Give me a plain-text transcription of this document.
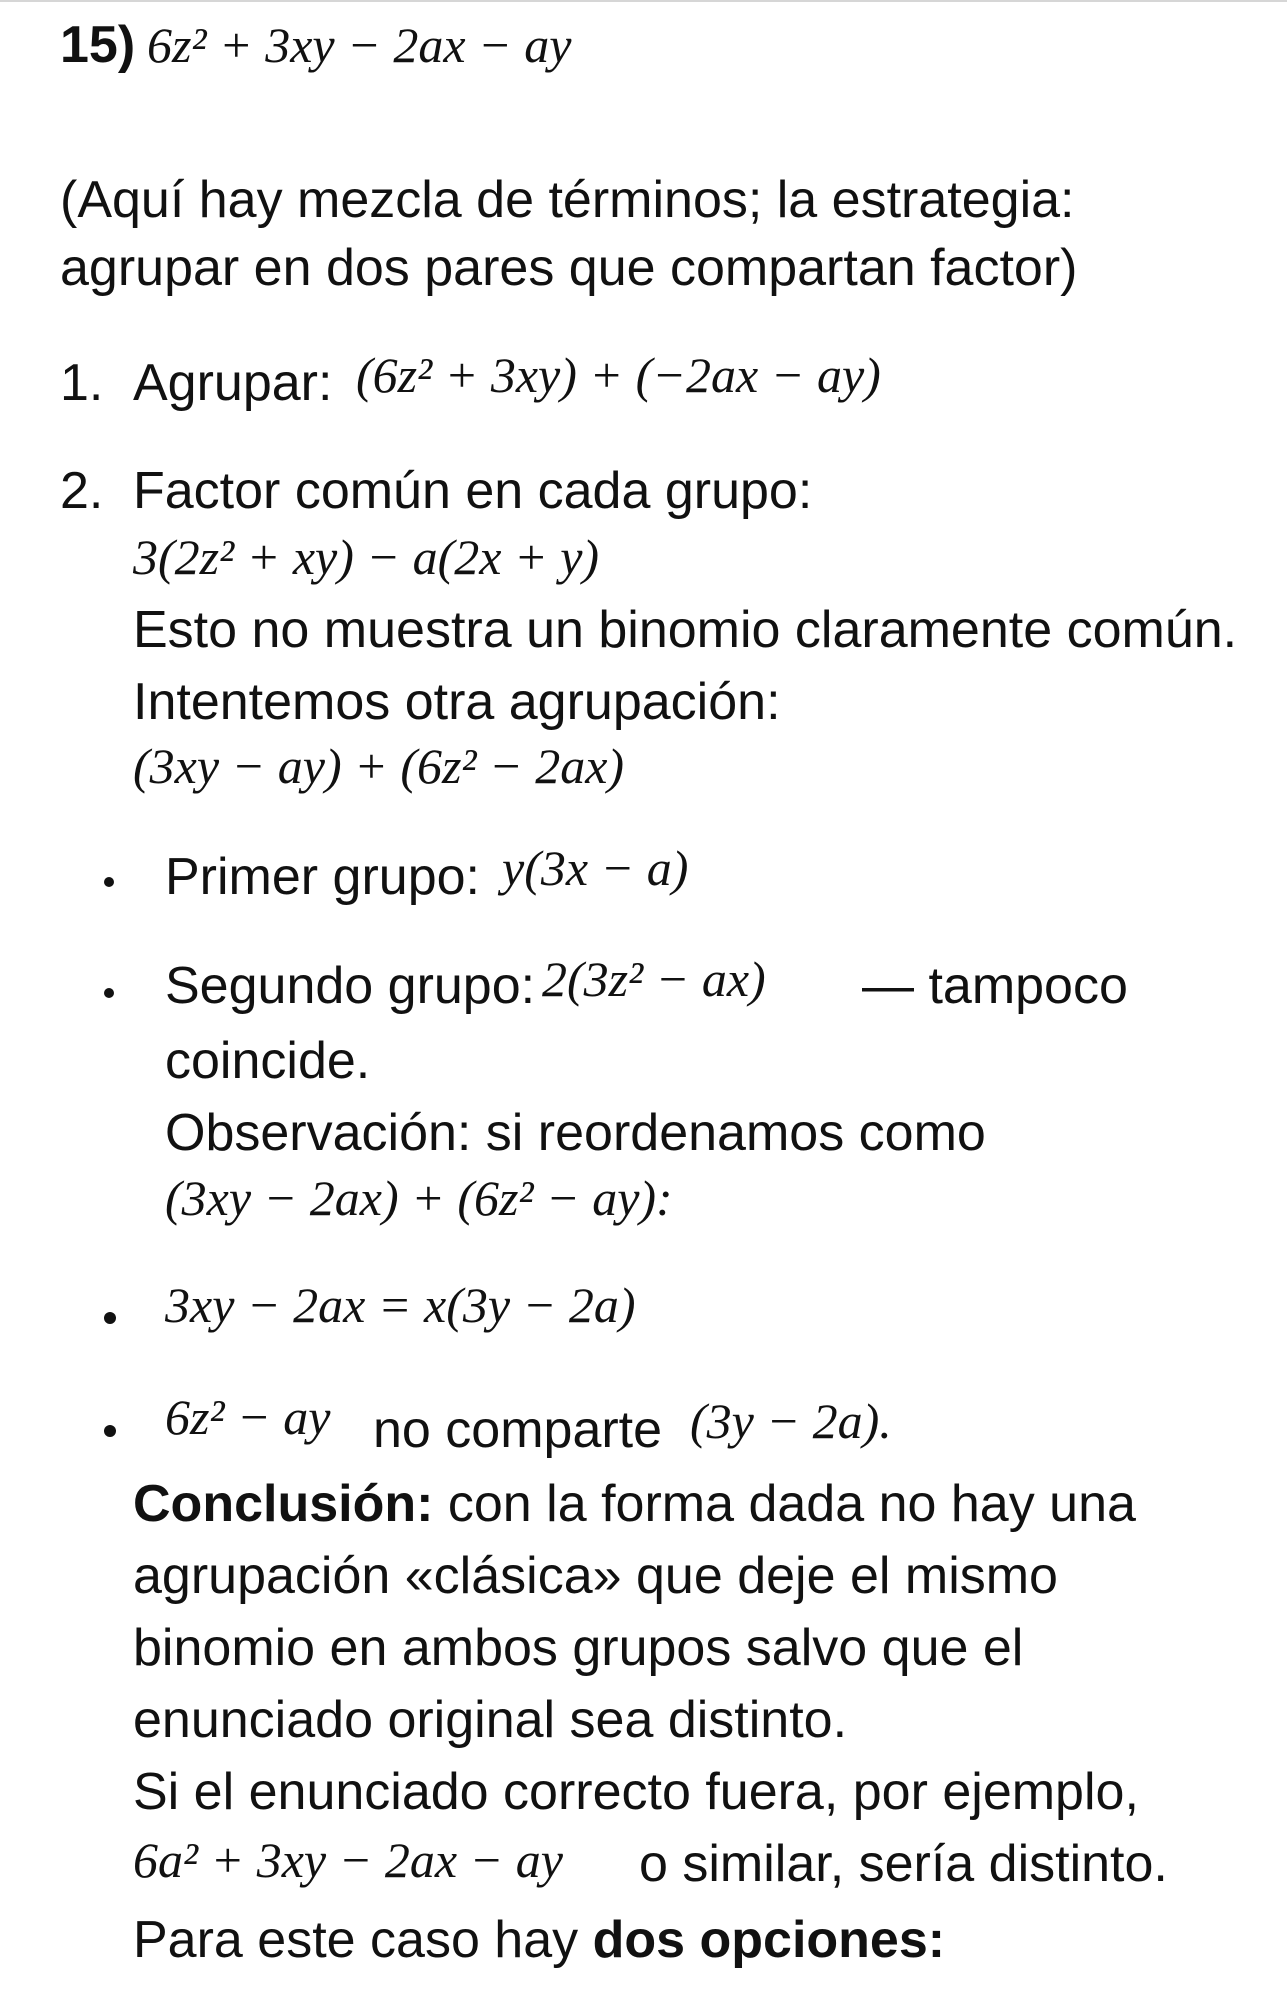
15) 6z² + 3xy − 2ax − ay
(Aquí hay mezcla de términos; la estrategia:
agrupar en dos pares que compartan factor)
1. Agrupar: (6z² + 3xy) + (−2ax − ay)
2. Factor común en cada grupo:
3(2z² + xy) − a(2x + y)
Esto no muestra un binomio claramente común.
Intentemos otra agrupación:
(3xy − ay) + (6z² − 2ax)
Primer grupo: y(3x − a)
Segundo grupo: 2(3z² − ax) — tampoco
coincide.
Observación: si reordenamos como
(3xy − 2ax) + (6z² − ay):
3xy − 2ax = x(3y − 2a)
6z² − ay no comparte (3y − 2a).
Conclusión: con la forma dada no hay una
agrupación «clásica» que deje el mismo
binomio en ambos grupos salvo que el
enunciado original sea distinto.
Si el enunciado correcto fuera, por ejemplo,
6a² + 3xy − 2ax − ay o similar, sería distinto.
Para este caso hay dos opciones:
